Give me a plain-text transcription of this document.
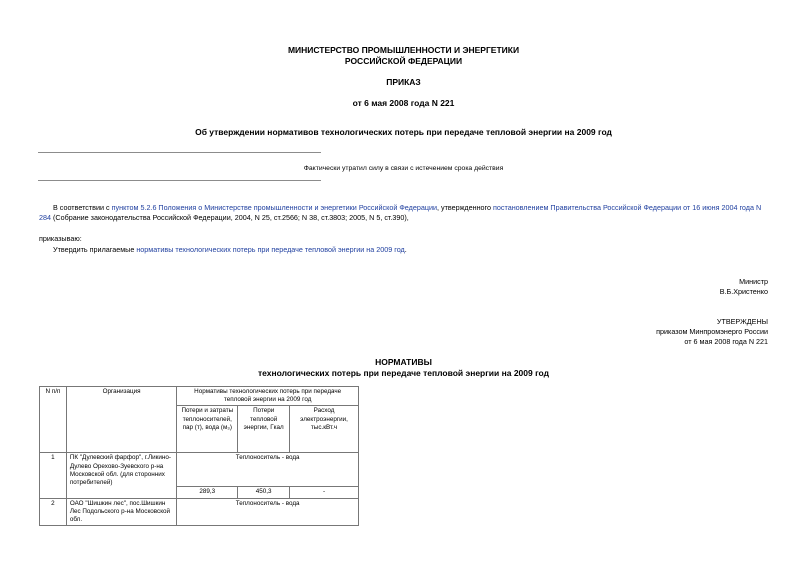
МИНИСТЕРСТВО ПРОМЫШЛЕННОСТИ И ЭНЕРГЕТИКИ
РОССИЙСКОЙ ФЕДЕРАЦИИ
ПРИКАЗ
от 6 мая 2008 года N 221
Об утверждении нормативов технологических потерь при передаче тепловой энергии на 2009 год
Фактически утратил силу в связи с истечением срока действия
В соответствии с пунктом 5.2.6 Положения о Министерстве промышленности и энергетики Российской Федерации, утвержденного постановлением Правительства Российской Федерации от 16 июня 2004 года N 284 (Собрание законодательства Российской Федерации, 2004, N 25, ст.2566; N 38, ст.3803; 2005, N 5, ст.390),
приказываю:
Утвердить прилагаемые нормативы технологических потерь при передаче тепловой энергии на 2009 год.
Министр
В.Б.Христенко
УТВЕРЖДЕНЫ
приказом Минпромэнерго России
от 6 мая 2008 года N 221
НОРМАТИВЫ
технологических потерь при передаче тепловой энергии на 2009 год
N п/п	Организация	Нормативы технологических потерь при передаче тепловой энергии на 2009 год		
		Потери и затраты теплоносителей, пар (т), вода (м₃)	Потери тепловой энергии, Гкал	Расход электроэнергии, тыс.кВт.ч
1	ПК "Дулевский фарфор", г.Ликино-Дулево Орехово-Зуевского р-на Московской обл. (для сторонних потребителей)	Теплоноситель - вода		
		289,3	450,3	-
2	ОАО "Шишкин лес", пос.Шишкин Лес Подольского р-на Московской обл.	Теплоноситель - вода		
